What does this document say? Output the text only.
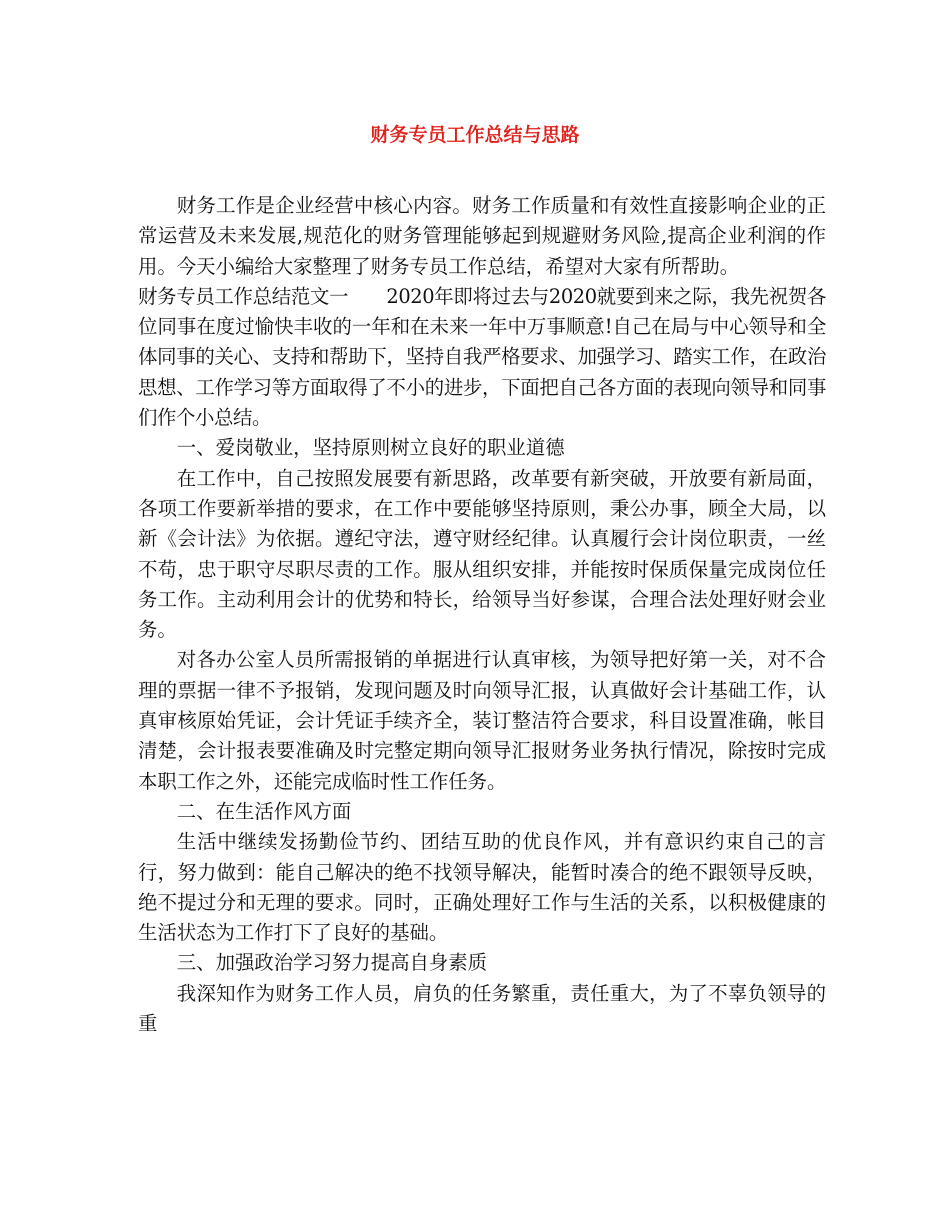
财务专员工作总结与思路

财务工作是企业经营中核心内容。财务工作质量和有效性直接影响企业的正常运营及未来发展,规范化的财务管理能够起到规避财务风险,提高企业利润的作用。今天小编给大家整理了财务专员工作总结，希望对大家有所帮助。

财务专员工作总结范文一　　2020年即将过去与2020就要到来之际，我先祝贺各位同事在度过愉快丰收的一年和在未来一年中万事顺意!自己在局与中心领导和全体同事的关心、支持和帮助下，坚持自我严格要求、加强学习、踏实工作，在政治思想、工作学习等方面取得了不小的进步，下面把自己各方面的表现向领导和同事们作个小总结。

一、爱岗敬业，坚持原则树立良好的职业道德

在工作中，自己按照发展要有新思路，改革要有新突破，开放要有新局面，各项工作要新举措的要求，在工作中要能够坚持原则，秉公办事，顾全大局，以新《会计法》为依据。遵纪守法，遵守财经纪律。认真履行会计岗位职责，一丝不苟，忠于职守尽职尽责的工作。服从组织安排，并能按时保质保量完成岗位任务工作。主动利用会计的优势和特长，给领导当好参谋，合理合法处理好财会业务。

对各办公室人员所需报销的单据进行认真审核，为领导把好第一关，对不合理的票据一律不予报销，发现问题及时向领导汇报，认真做好会计基础工作，认真审核原始凭证，会计凭证手续齐全，装订整洁符合要求，科目设置准确，帐目清楚，会计报表要准确及时完整定期向领导汇报财务业务执行情况，除按时完成本职工作之外，还能完成临时性工作任务。

二、在生活作风方面

生活中继续发扬勤俭节约、团结互助的优良作风，并有意识约束自己的言行，努力做到：能自己解决的绝不找领导解决，能暂时凑合的绝不跟领导反映，绝不提过分和无理的要求。同时，正确处理好工作与生活的关系，以积极健康的生活状态为工作打下了良好的基础。

三、加强政治学习努力提高自身素质

我深知作为财务工作人员，肩负的任务繁重，责任重大，为了不辜负领导的重
